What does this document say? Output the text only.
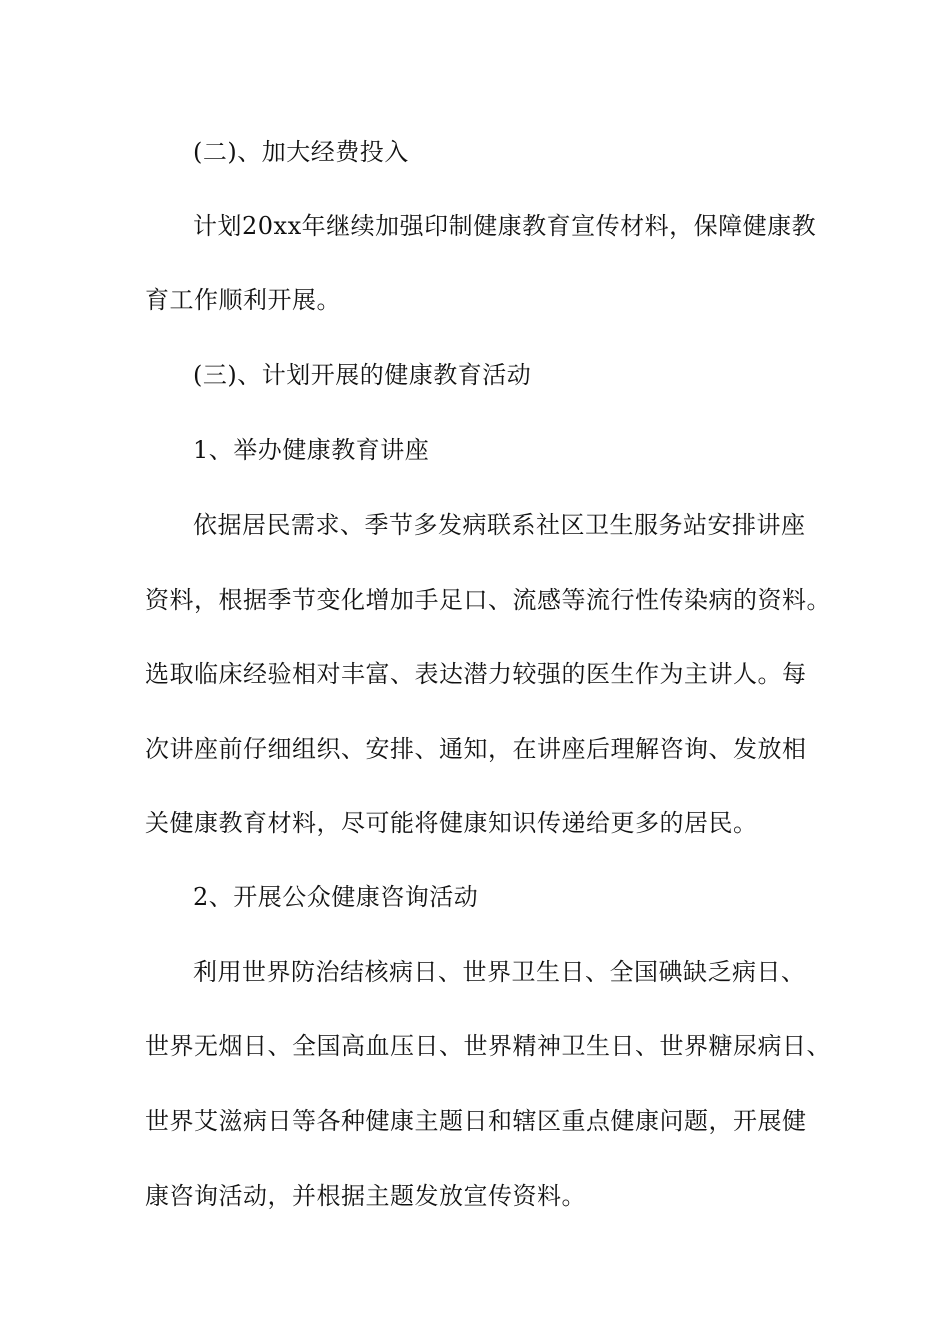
(二)、加大经费投入
计划20xx年继续加强印制健康教育宣传材料，保障健康教
育工作顺利开展。
(三)、计划开展的健康教育活动
1、举办健康教育讲座
依据居民需求、季节多发病联系社区卫生服务站安排讲座
资料，根据季节变化增加手足口、流感等流行性传染病的资料。
选取临床经验相对丰富、表达潜力较强的医生作为主讲人。每
次讲座前仔细组织、安排、通知，在讲座后理解咨询、发放相
关健康教育材料，尽可能将健康知识传递给更多的居民。
2、开展公众健康咨询活动
利用世界防治结核病日、世界卫生日、全国碘缺乏病日、
世界无烟日、全国高血压日、世界精神卫生日、世界糖尿病日、
世界艾滋病日等各种健康主题日和辖区重点健康问题，开展健
康咨询活动，并根据主题发放宣传资料。
